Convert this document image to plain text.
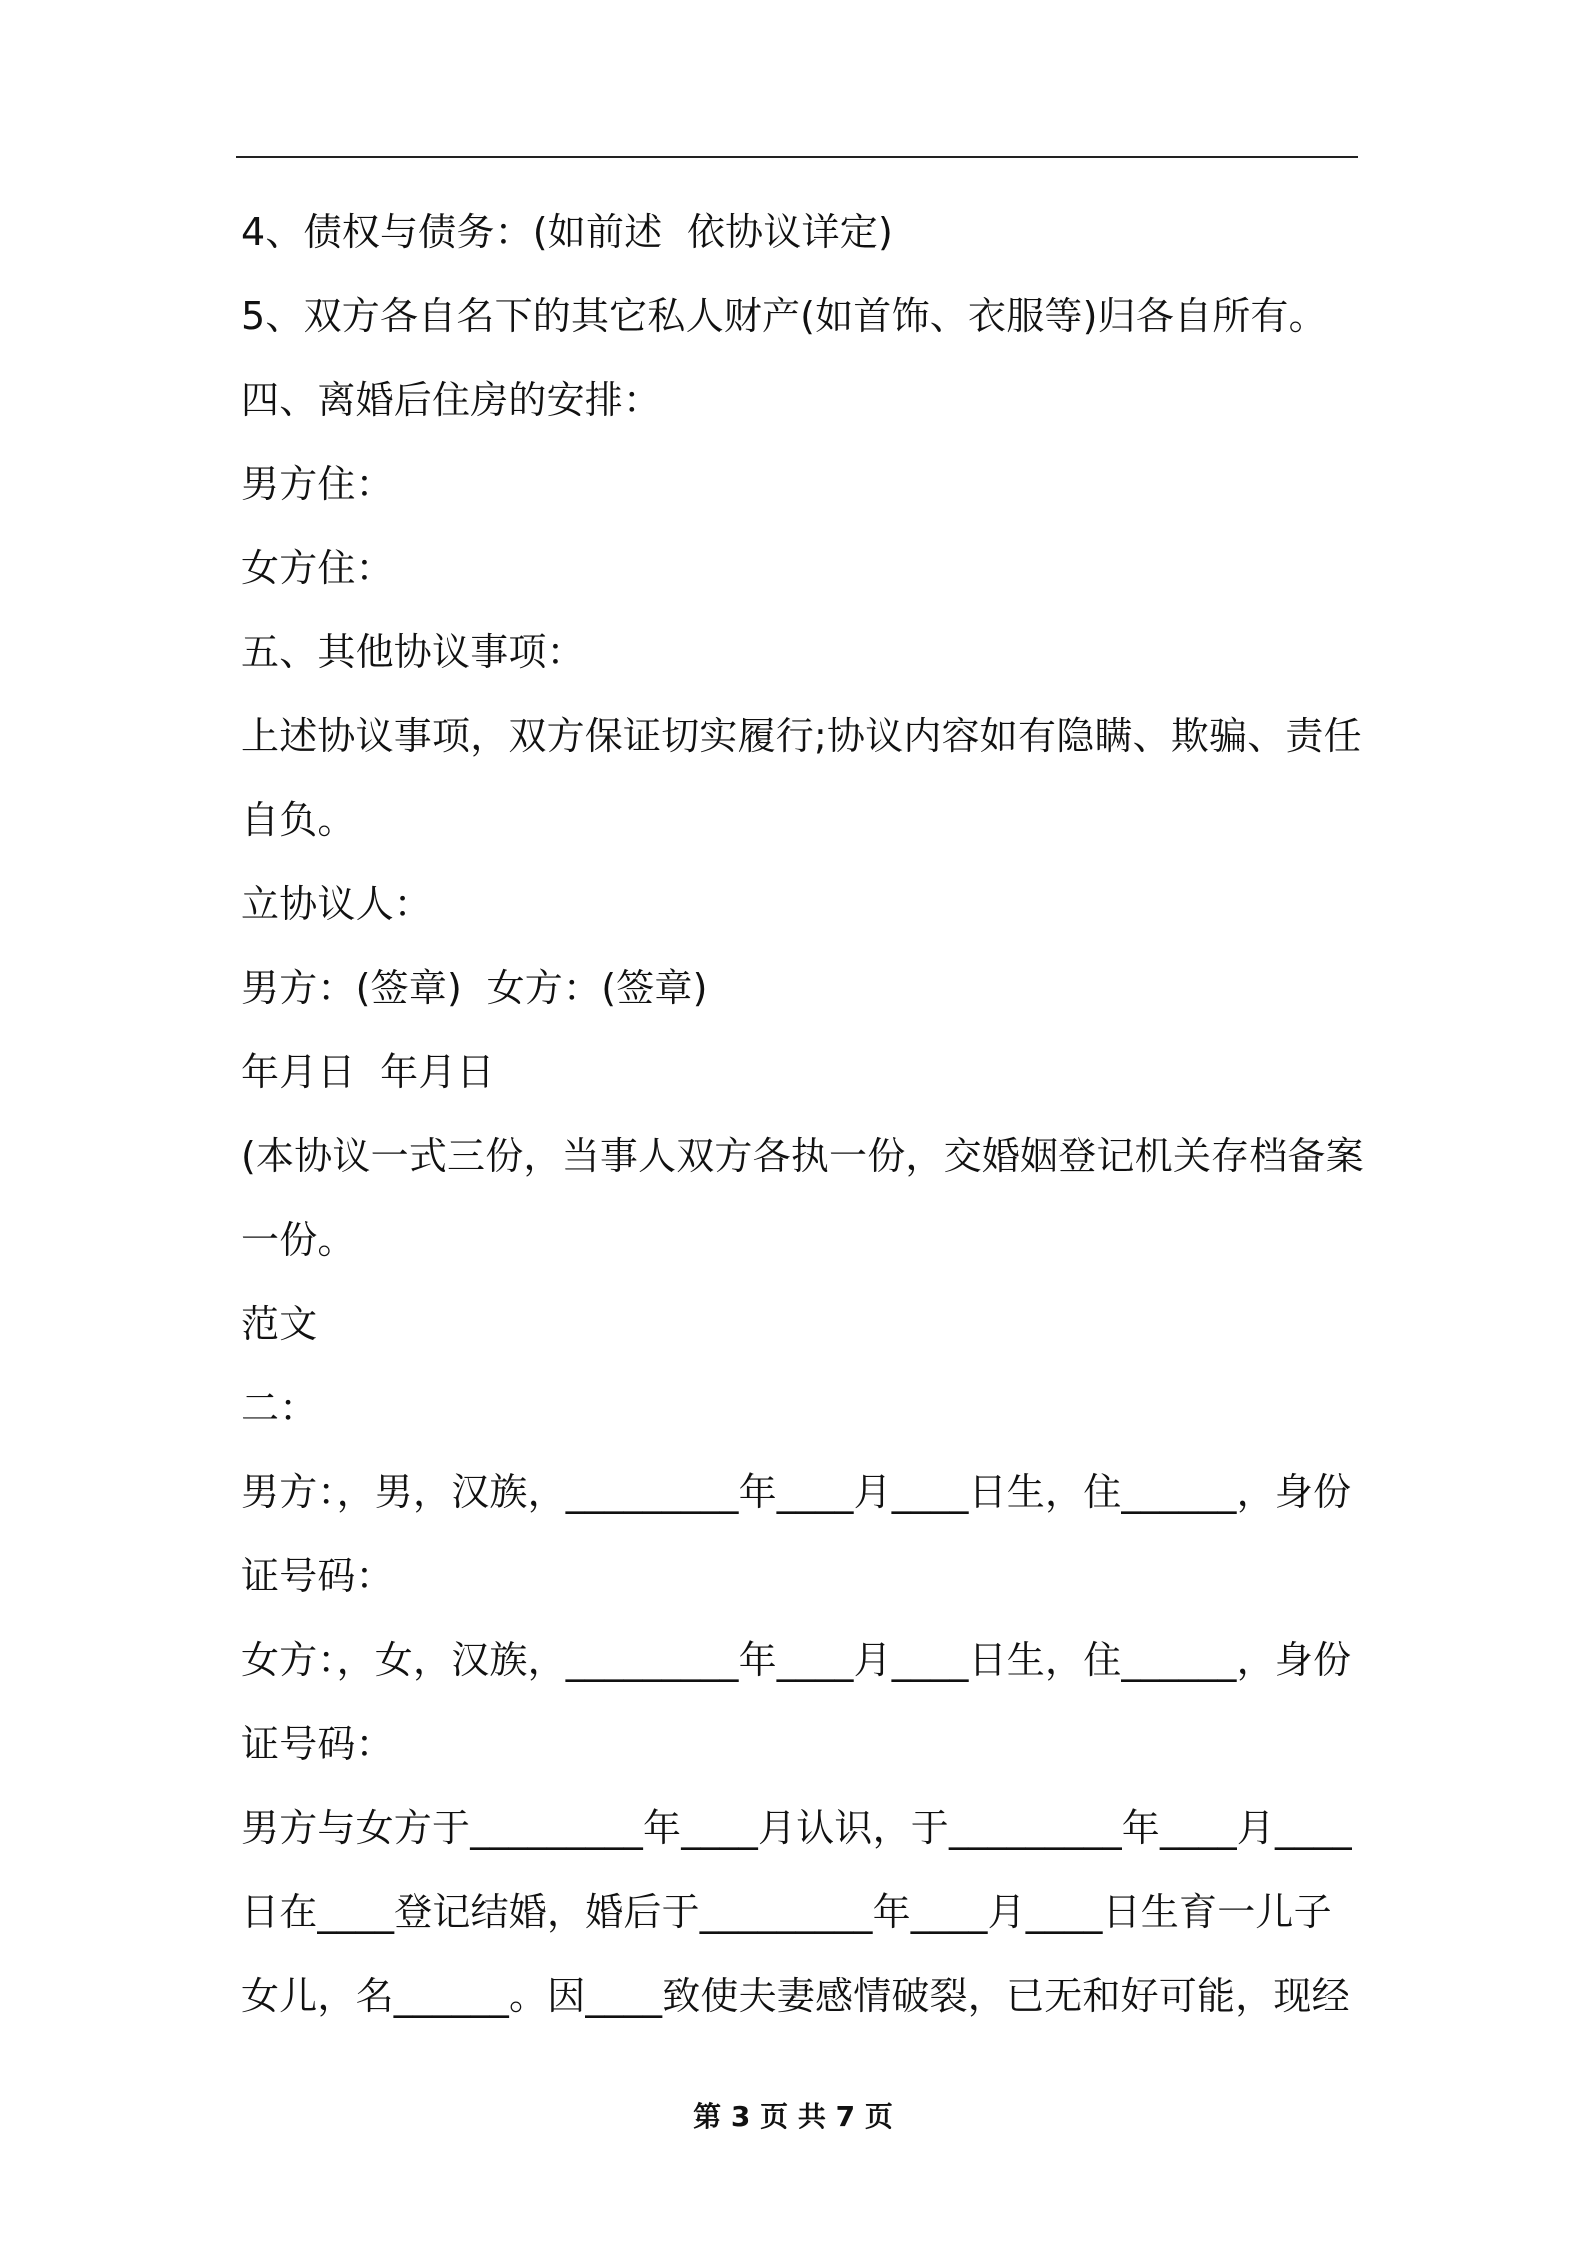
4、债权与债务：(如前述  依协议详定)

5、双方各自名下的其它私人财产(如首饰、衣服等)归各自所有。

四、离婚后住房的安排：

男方住：

女方住：

五、其他协议事项：

上述协议事项，双方保证切实履行;协议内容如有隐瞒、欺骗、责任

自负。

立协议人：

男方：(签章)  女方：(签章)

年月日  年月日

(本协议一式三份，当事人双方各执一份，交婚姻登记机关存档备案

一份。

范文

二：

男方：，男，汉族，_________年____月____日生，住______，身份

证号码：

女方：，女，汉族，_________年____月____日生，住______，身份

证号码：

男方与女方于_________年____月认识，于_________年____月____

日在____登记结婚，婚后于_________年____月____日生育一儿子

女儿，名______。因____致使夫妻感情破裂，已无和好可能，现经

第 3 页 共 7 页
